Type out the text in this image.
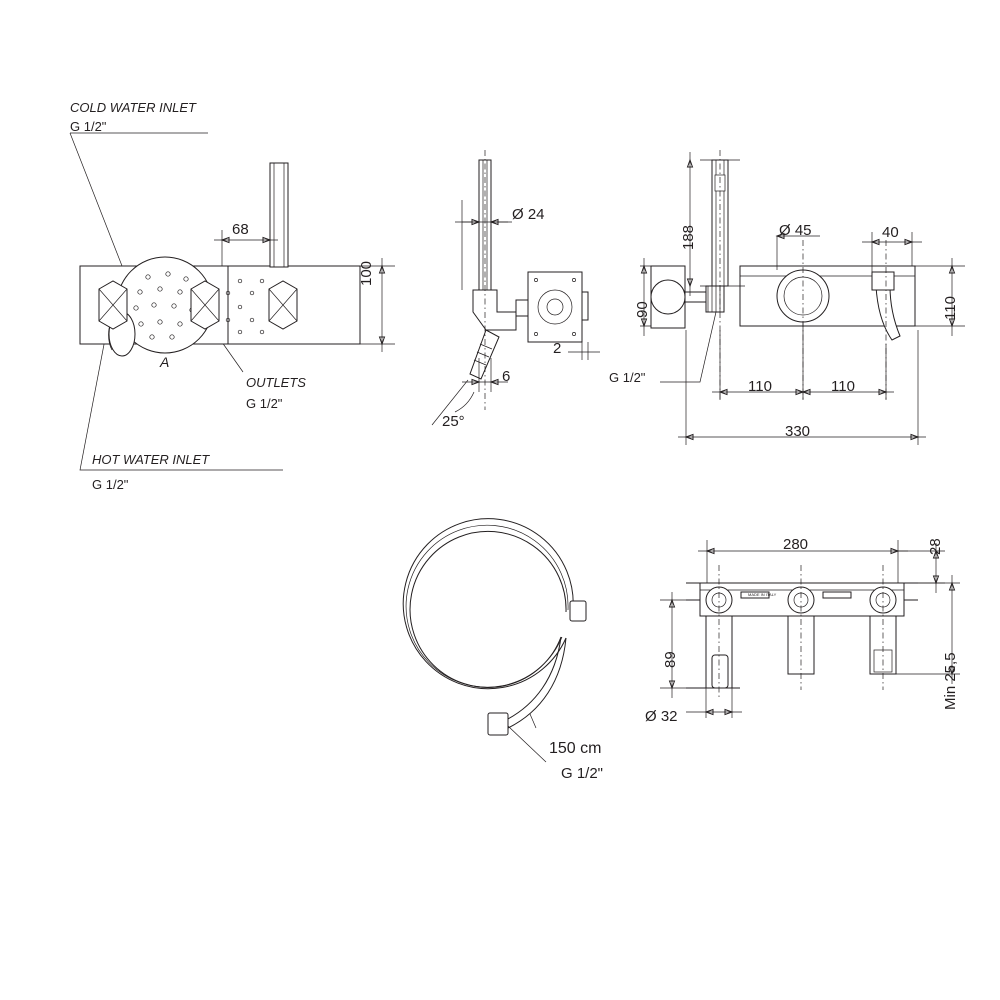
MADE IN ITALY
COLD WATER INLET
G 1/2"
HOT WATER INLET
G 1/2"
OUTLETS
G 1/2"
A
68
100
Ø 24
2
6
25°
188
90
Ø 45	40
110
110	110
330
G 1/2"
150 cm
G 1/2"
280	28
89
Ø 32
Min 25,5
